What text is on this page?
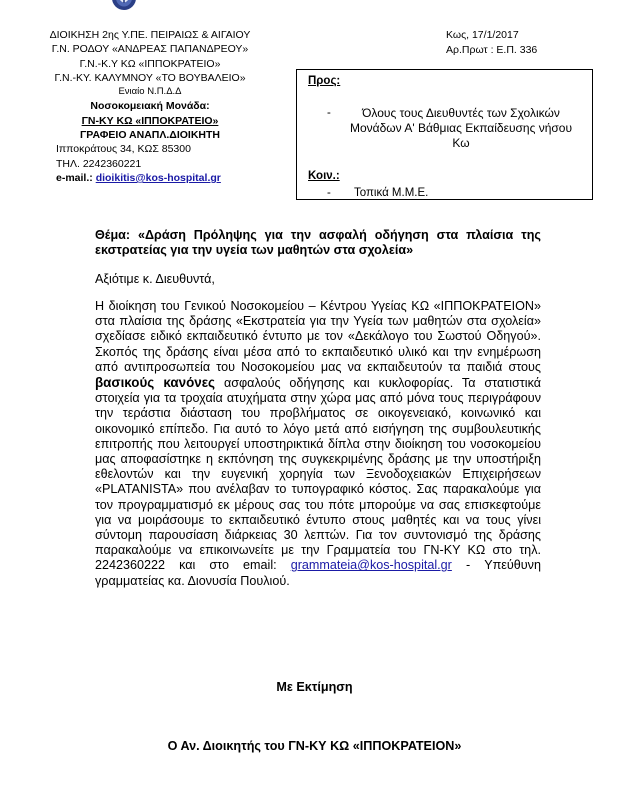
ΔΙΟΙΚΗΣΗ 2ης Υ.ΠΕ. ΠΕΙΡΑΙΩΣ & ΑΙΓΑΙΟΥ
Γ.Ν. ΡΟΔΟΥ «ΑΝΔΡΕΑΣ ΠΑΠΑΝΔΡΕΟΥ»
Γ.Ν.-Κ.Υ ΚΩ «ΙΠΠΟΚΡΑΤΕΙΟ»
Γ.Ν.-ΚΥ. ΚΑΛΥΜΝΟΥ «ΤΟ ΒΟΥΒΑΛΕΙΟ»
Ενιαίο Ν.Π.Δ.Δ
Νοσοκομειακή Μονάδα:
ΓΝ-ΚΥ ΚΩ «ΙΠΠΟΚΡΑΤΕΙΟ»
ΓΡΑΦΕΙΟ ΑΝΑΠΛ.ΔΙΟΙΚΗΤΗ
Ιπποκράτους 34, ΚΩΣ 85300
ΤΗΛ. 2242360221
e-mail.: dioikitis@kos-hospital.gr
Κως, 17/1/2017
Αρ.Πρωτ : Ε.Π. 336
Προς:
-	Όλους τους Διευθυντές των Σχολικών Μονάδων Α' Βάθμιας Εκπαίδευσης νήσου Κω
Κοιν.:
- Τοπικά Μ.Μ.Ε.
Θέμα: «Δράση Πρόληψης για την ασφαλή οδήγηση στα πλαίσια της εκστρατείας για την υγεία των μαθητών στα σχολεία»
Αξιότιμε κ. Διευθυντά,
Η διοίκηση του Γενικού Νοσοκομείου – Κέντρου Υγείας ΚΩ «ΙΠΠΟΚΡΑΤΕΙΟΝ» στα πλαίσια της δράσης «Εκστρατεία για την Υγεία των μαθητών στα σχολεία» σχεδίασε ειδικό εκπαιδευτικό έντυπο με τον «Δεκάλογο του Σωστού Οδηγού». Σκοπός της δράσης είναι μέσα από το εκπαιδευτικό υλικό και την ενημέρωση από αντιπροσωπεία του Νοσοκομείου μας να εκπαιδευτούν τα παιδιά στους βασικούς κανόνες ασφαλούς οδήγησης και κυκλοφορίας. Τα στατιστικά στοιχεία για τα τροχαία ατυχήματα στην χώρα μας από μόνα τους περιγράφουν την τεράστια διάσταση του προβλήματος σε οικογενειακό, κοινωνικό και οικονομικό επίπεδο. Για αυτό το λόγο μετά από εισήγηση της συμβουλευτικής επιτροπής που λειτουργεί υποστηρικτικά δίπλα στην διοίκηση του νοσοκομείου μας αποφασίστηκε η εκπόνηση της συγκεκριμένης δράσης με την υποστήριξη εθελοντών και την ευγενική χορηγία των Ξενοδοχειακών Επιχειρήσεων «PLATANISTA» που ανέλαβαν το τυπογραφικό κόστος. Σας παρακαλούμε για τον προγραμματισμό εκ μέρους σας του πότε μπορούμε να σας επισκεφτούμε για να μοιράσουμε το εκπαιδευτικό έντυπο στους μαθητές και να τους γίνει σύντομη παρουσίαση διάρκειας 30 λεπτών. Για τον συντονισμό της δράσης παρακαλούμε να επικοινωνείτε με την Γραμματεία του ΓΝ-ΚΥ ΚΩ στο τηλ. 2242360222 και στο email: grammateia@kos-hospital.gr - Υπεύθυνη γραμματείας κα. Διονυσία Πουλιού.
Με Εκτίμηση
Ο Αν. Διοικητής του ΓΝ-ΚΥ ΚΩ «ΙΠΠΟΚΡΑΤΕΙΟΝ»
